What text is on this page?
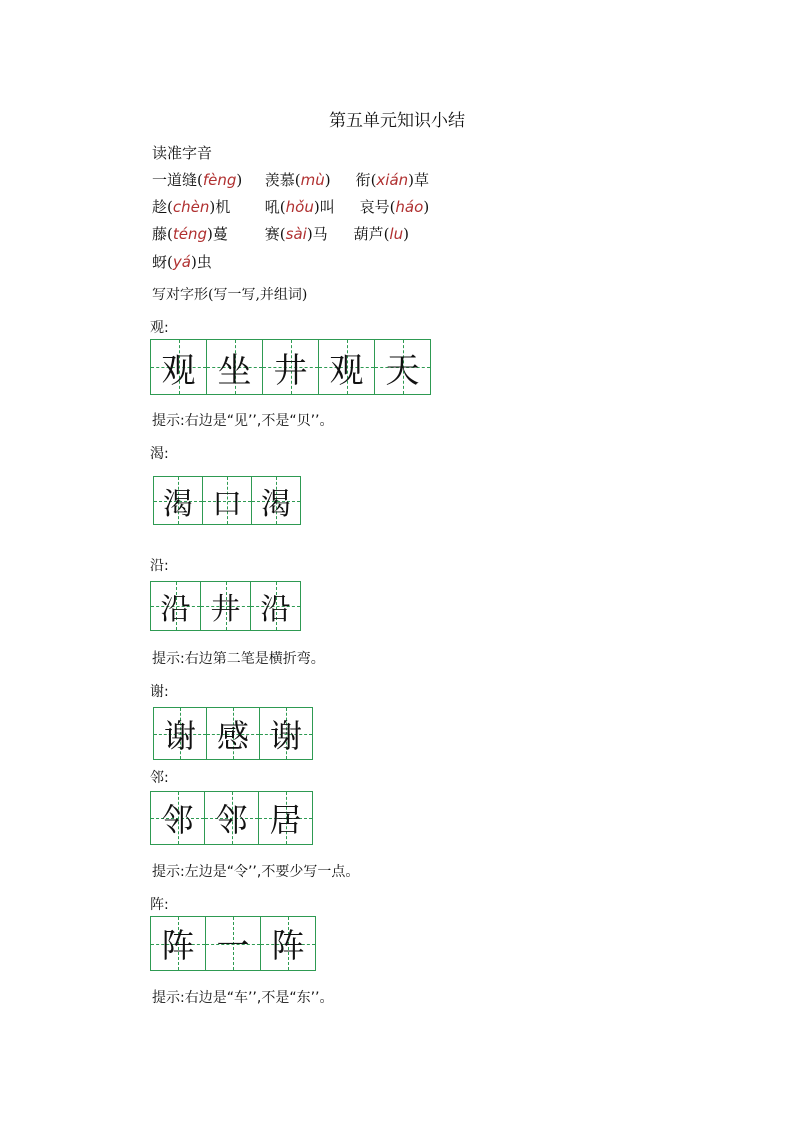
第五单元知识小结
读准字音
一道缝(fèng) 羡慕(mù) 衔(xián)草
趁(chèn)机 吼(hǒu)叫 哀号(háo)
藤(téng)蔓 赛(sài)马 葫芦(lu)
蚜(yá)虫
写对字形(写一写,并组词)
观:
观 坐 井 观 天
提示:右边是“见’’,不是“贝’’。
渴:
渴 口 渴
沿:
沿 井 沿
提示:右边第二笔是横折弯。
谢:
谢 感 谢
邻:
邻 邻 居
提示:左边是“令’’,不要少写一点。
阵:
阵 一 阵
提示:右边是“车’’,不是“东’’。
